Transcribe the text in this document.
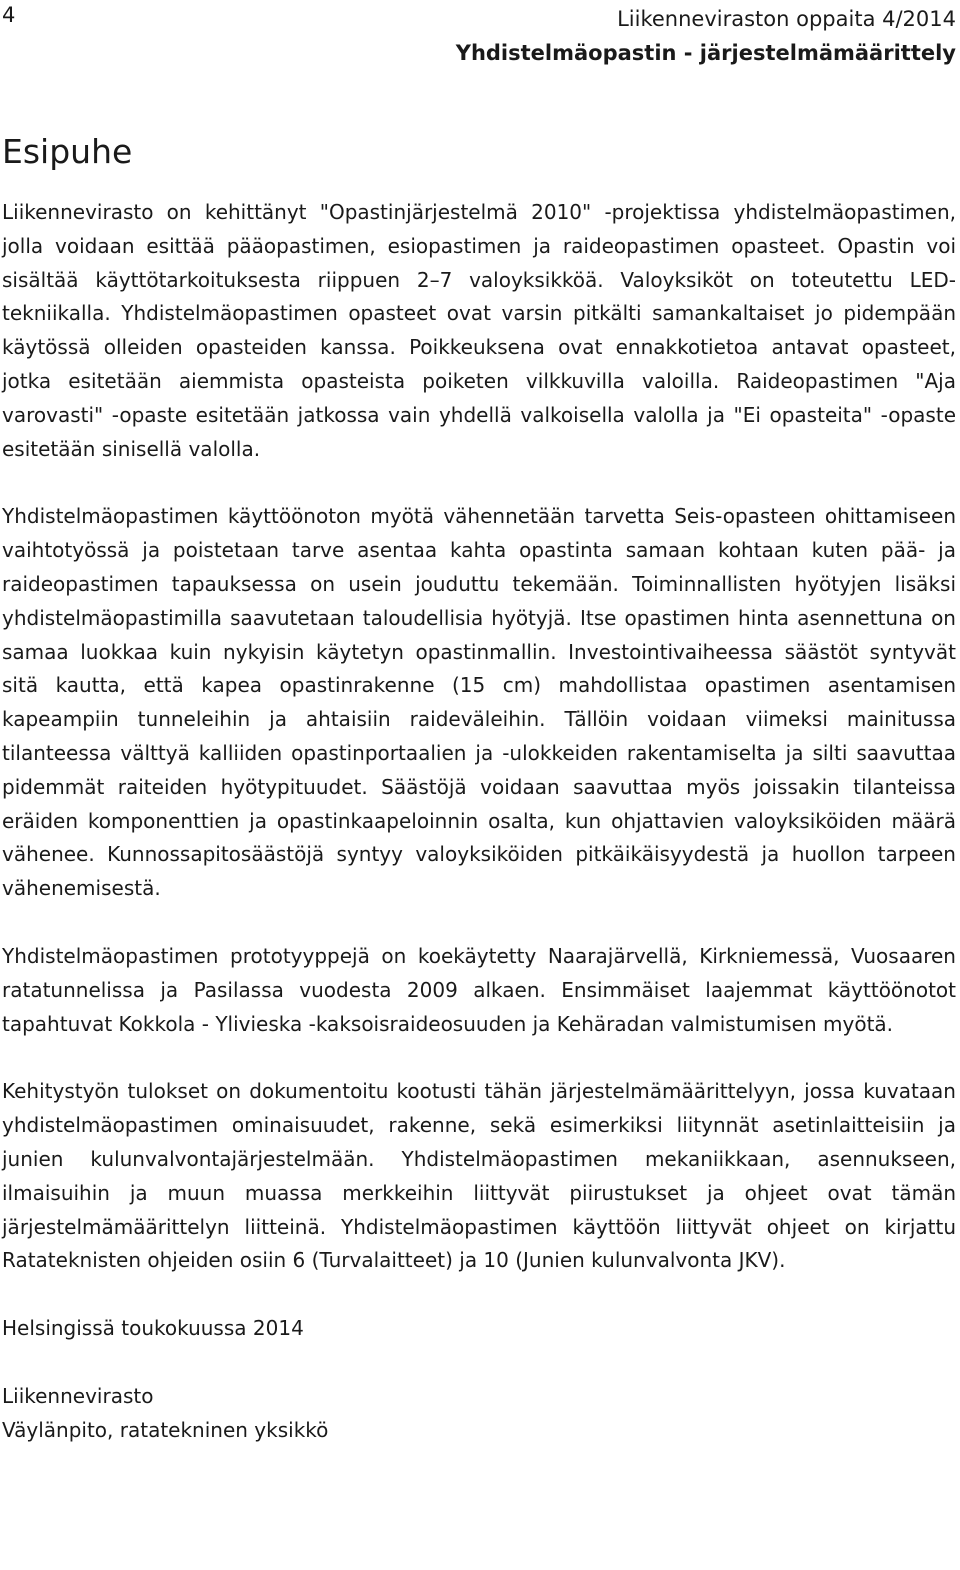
4	Liikenneviraston oppaita 4/2014
Yhdistelmäopastin - järjestelmämäärittely
Esipuhe

Liikennevirasto on kehittänyt "Opastinjärjestelmä 2010" -projektissa yhdistelmäopastimen, jolla voidaan esittää pääopastimen, esiopastimen ja raideopastimen opasteet. Opastin voi sisältää käyttötarkoituksesta riippuen 2–7 valoyksikköä. Valoyksiköt on toteutettu LED-tekniikalla. Yhdistelmäopastimen opasteet ovat varsin pitkälti samankaltaiset jo pidempään käytössä olleiden opasteiden kanssa. Poikkeuksena ovat ennakkotietoa antavat opasteet, jotka esitetään aiemmista opasteista poiketen vilkkuvilla valoilla. Raideopastimen "Aja varovasti" -opaste esitetään jatkossa vain yhdellä valkoisella valolla ja "Ei opasteita" -opaste esitetään sinisellä valolla.

Yhdistelmäopastimen käyttöönoton myötä vähennetään tarvetta Seis-opasteen ohittamiseen vaihtotyössä ja poistetaan tarve asentaa kahta opastinta samaan kohtaan kuten pää- ja raideopastimen tapauksessa on usein jouduttu tekemään. Toiminnallisten hyötyjen lisäksi yhdistelmäopastimilla saavutetaan taloudellisia hyötyjä. Itse opastimen hinta asennettuna on samaa luokkaa kuin nykyisin käytetyn opastinmallin. Investointivaiheessa säästöt syntyvät sitä kautta, että kapea opastinrakenne (15 cm) mahdollistaa opastimen asentamisen kapeampiin tunneleihin ja ahtaisiin raideväleihin. Tällöin voidaan viimeksi mainitussa tilanteessa välttyä kalliiden opastinportaalien ja -ulokkeiden rakentamiselta ja silti saavuttaa pidemmät raiteiden hyötypituudet. Säästöjä voidaan saavuttaa myös joissakin tilanteissa eräiden komponenttien ja opastinkaapeloinnin osalta, kun ohjattavien valoyksiköiden määrä vähenee. Kunnossapitosäästöjä syntyy valoyksiköiden pitkäikäisyydestä ja huollon tarpeen vähenemisestä.

Yhdistelmäopastimen prototyyppejä on koekäytetty Naarajärvellä, Kirkniemessä, Vuosaaren ratatunnelissa ja Pasilassa vuodesta 2009 alkaen. Ensimmäiset laajemmat käyttöönotot tapahtuvat Kokkola - Ylivieska -kaksoisraideosuuden ja Kehäradan valmistumisen myötä.

Kehitystyön tulokset on dokumentoitu kootusti tähän järjestelmämäärittelyyn, jossa kuvataan yhdistelmäopastimen ominaisuudet, rakenne, sekä esimerkiksi liitynnät asetinlaitteisiin ja junien kulunvalvontajärjestelmään. Yhdistelmäopastimen mekaniikkaan, asennukseen, ilmaisuihin ja muun muassa merkkeihin liittyvät piirustukset ja ohjeet ovat tämän järjestelmämäärittelyn liitteinä. Yhdistelmäopastimen käyttöön liittyvät ohjeet on kirjattu Ratateknisten ohjeiden osiin 6 (Turvalaitteet) ja 10 (Junien kulunvalvonta JKV).

Helsingissä toukokuussa 2014

Liikennevirasto
Väylänpito, ratatekninen yksikkö
